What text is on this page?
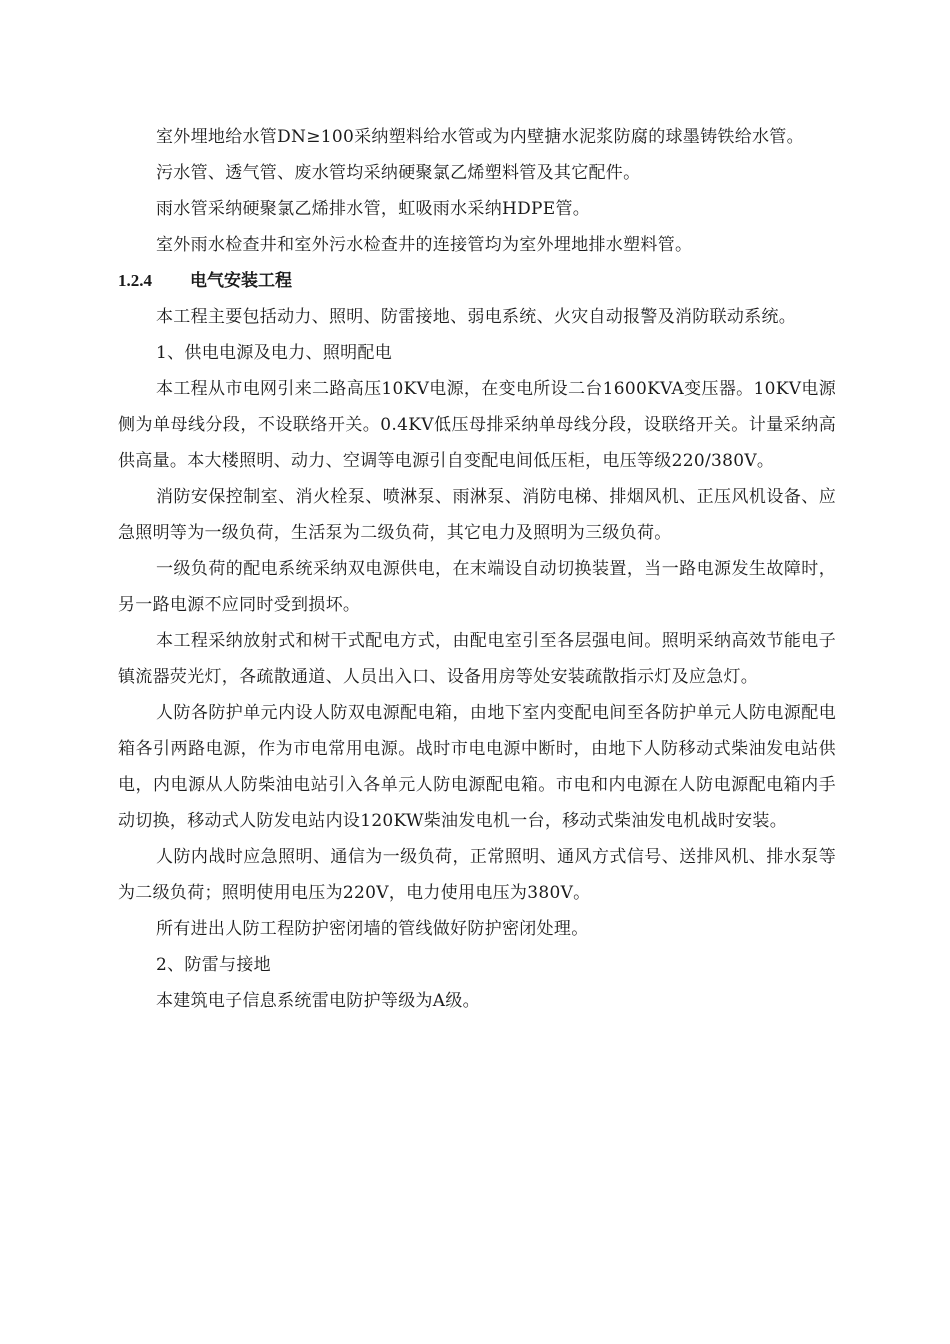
室外埋地给水管DN≥100采纳塑料给水管或为内壁搪水泥浆防腐的球墨铸铁给水管。

污水管、透气管、废水管均采纳硬聚氯乙烯塑料管及其它配件。

雨水管采纳硬聚氯乙烯排水管，虹吸雨水采纳HDPE管。

室外雨水检查井和室外污水检查井的连接管均为室外埋地排水塑料管。

1.2.4 电气安装工程

本工程主要包括动力、照明、防雷接地、弱电系统、火灾自动报警及消防联动系统。

1、供电电源及电力、照明配电

本工程从市电网引来二路高压10KV电源，在变电所设二台1600KVA变压器。10KV电源侧为单母线分段，不设联络开关。0.4KV低压母排采纳单母线分段，设联络开关。计量采纳高供高量。本大楼照明、动力、空调等电源引自变配电间低压柜，电压等级220/380V。

消防安保控制室、消火栓泵、喷淋泵、雨淋泵、消防电梯、排烟风机、正压风机设备、应急照明等为一级负荷，生活泵为二级负荷，其它电力及照明为三级负荷。

一级负荷的配电系统采纳双电源供电，在末端设自动切换装置，当一路电源发生故障时，另一路电源不应同时受到损坏。

本工程采纳放射式和树干式配电方式，由配电室引至各层强电间。照明采纳高效节能电子镇流器荧光灯，各疏散通道、人员出入口、设备用房等处安装疏散指示灯及应急灯。

人防各防护单元内设人防双电源配电箱，由地下室内变配电间至各防护单元人防电源配电箱各引两路电源，作为市电常用电源。战时市电电源中断时，由地下人防移动式柴油发电站供电，内电源从人防柴油电站引入各单元人防电源配电箱。市电和内电源在人防电源配电箱内手动切换，移动式人防发电站内设120KW柴油发电机一台，移动式柴油发电机战时安装。

人防内战时应急照明、通信为一级负荷，正常照明、通风方式信号、送排风机、排水泵等为二级负荷；照明使用电压为220V，电力使用电压为380V。

所有进出人防工程防护密闭墙的管线做好防护密闭处理。

2、防雷与接地

本建筑电子信息系统雷电防护等级为A级。
